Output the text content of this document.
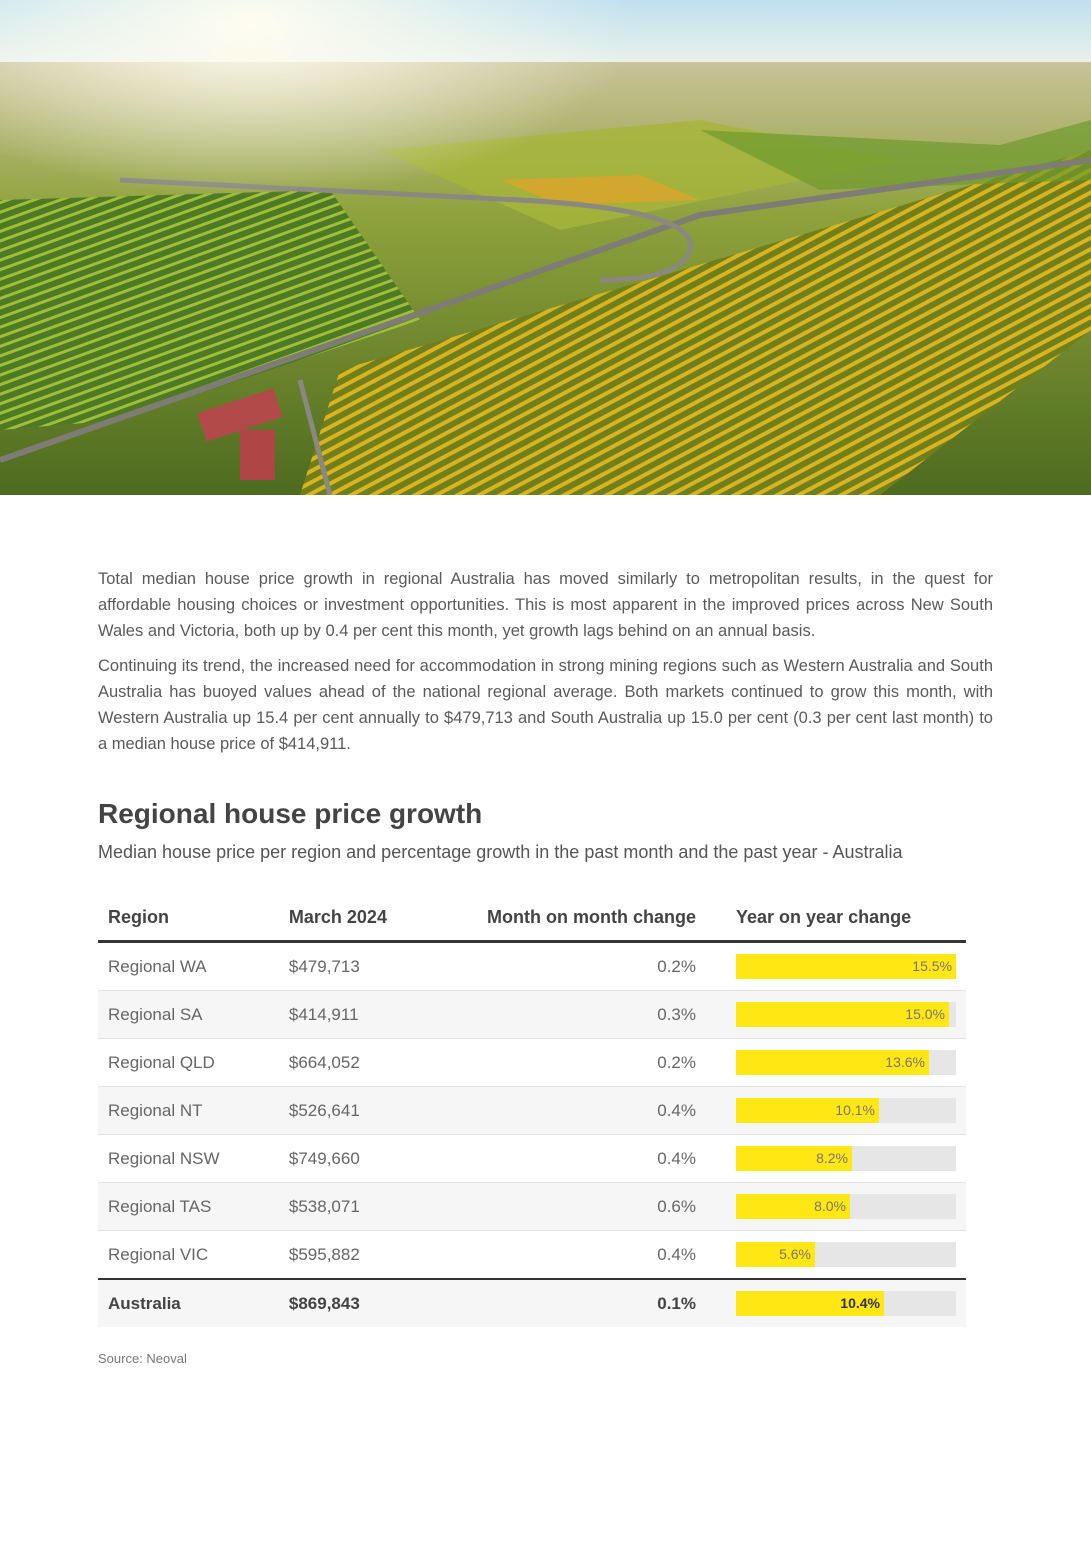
Total median house price growth in regional Australia has moved similarly to metropolitan results, in the quest for affordable housing choices or investment opportunities. This is most apparent in the improved prices across New South Wales and Victoria, both up by 0.4 per cent this month, yet growth lags behind on an annual basis.

Continuing its trend, the increased need for accommodation in strong mining regions such as Western Australia and South Australia has buoyed values ahead of the national regional average. Both markets continued to grow this month, with Western Australia up 15.4 per cent annually to $479,713 and South Australia up 15.0 per cent (0.3 per cent last month) to a median house price of $414,911.

Regional house price growth

Median house price per region and percentage growth in the past month and the past year - Australia

Region	March 2024	Month on month change	Year on year change
Regional WA	$479,713	0.2%	15.5%

Regional SA	$414,911	0.3%	15.0%

Regional QLD	$664,052	0.2%	13.6%

Regional NT	$526,641	0.4%	10.1%

Regional NSW	$749,660	0.4%	8.2%

Regional TAS	$538,071	0.6%	8.0%

Regional VIC	$595,882	0.4%	5.6%

Australia	$869,843	0.1%	10.4%

Source: Neoval
